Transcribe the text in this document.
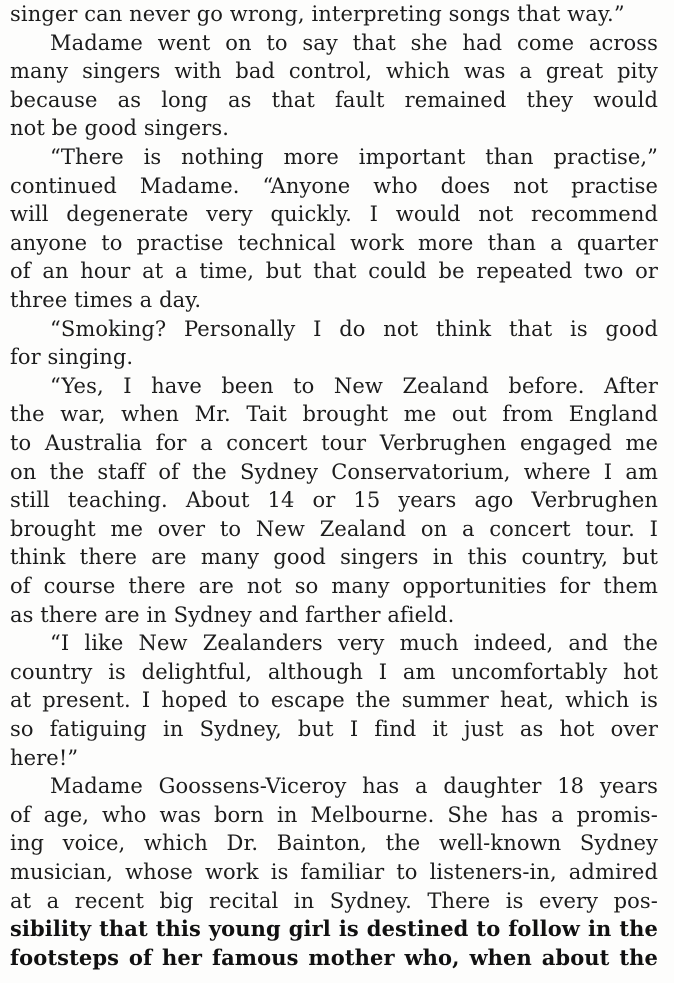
singer can never go wrong, interpreting songs that way.”
Madame went on to say that she had come across
many singers with bad control, which was a great pity
because as long as that fault remained they would
not be good singers.
“There is nothing more important than practise,”
continued Madame. “Anyone who does not practise
will degenerate very quickly. I would not recommend
anyone to practise technical work more than a quarter
of an hour at a time, but that could be repeated two or
three times a day.
“Smoking? Personally I do not think that is good
for singing.
“Yes, I have been to New Zealand before. After
the war, when Mr. Tait brought me out from England
to Australia for a concert tour Verbrughen engaged me
on the staff of the Sydney Conservatorium, where I am
still teaching. About 14 or 15 years ago Verbrughen
brought me over to New Zealand on a concert tour. I
think there are many good singers in this country, but
of course there are not so many opportunities for them
as there are in Sydney and farther afield.
“I like New Zealanders very much indeed, and the
country is delightful, although I am uncomfortably hot
at present. I hoped to escape the summer heat, which is
so fatiguing in Sydney, but I find it just as hot over
here!”
Madame Goossens-Viceroy has a daughter 18 years
of age, who was born in Melbourne. She has a promis-
ing voice, which Dr. Bainton, the well-known Sydney
musician, whose work is familiar to listeners-in, admired
at a recent big recital in Sydney. There is every pos-
sibility that this young girl is destined to follow in the
footsteps of her famous mother who, when about the
